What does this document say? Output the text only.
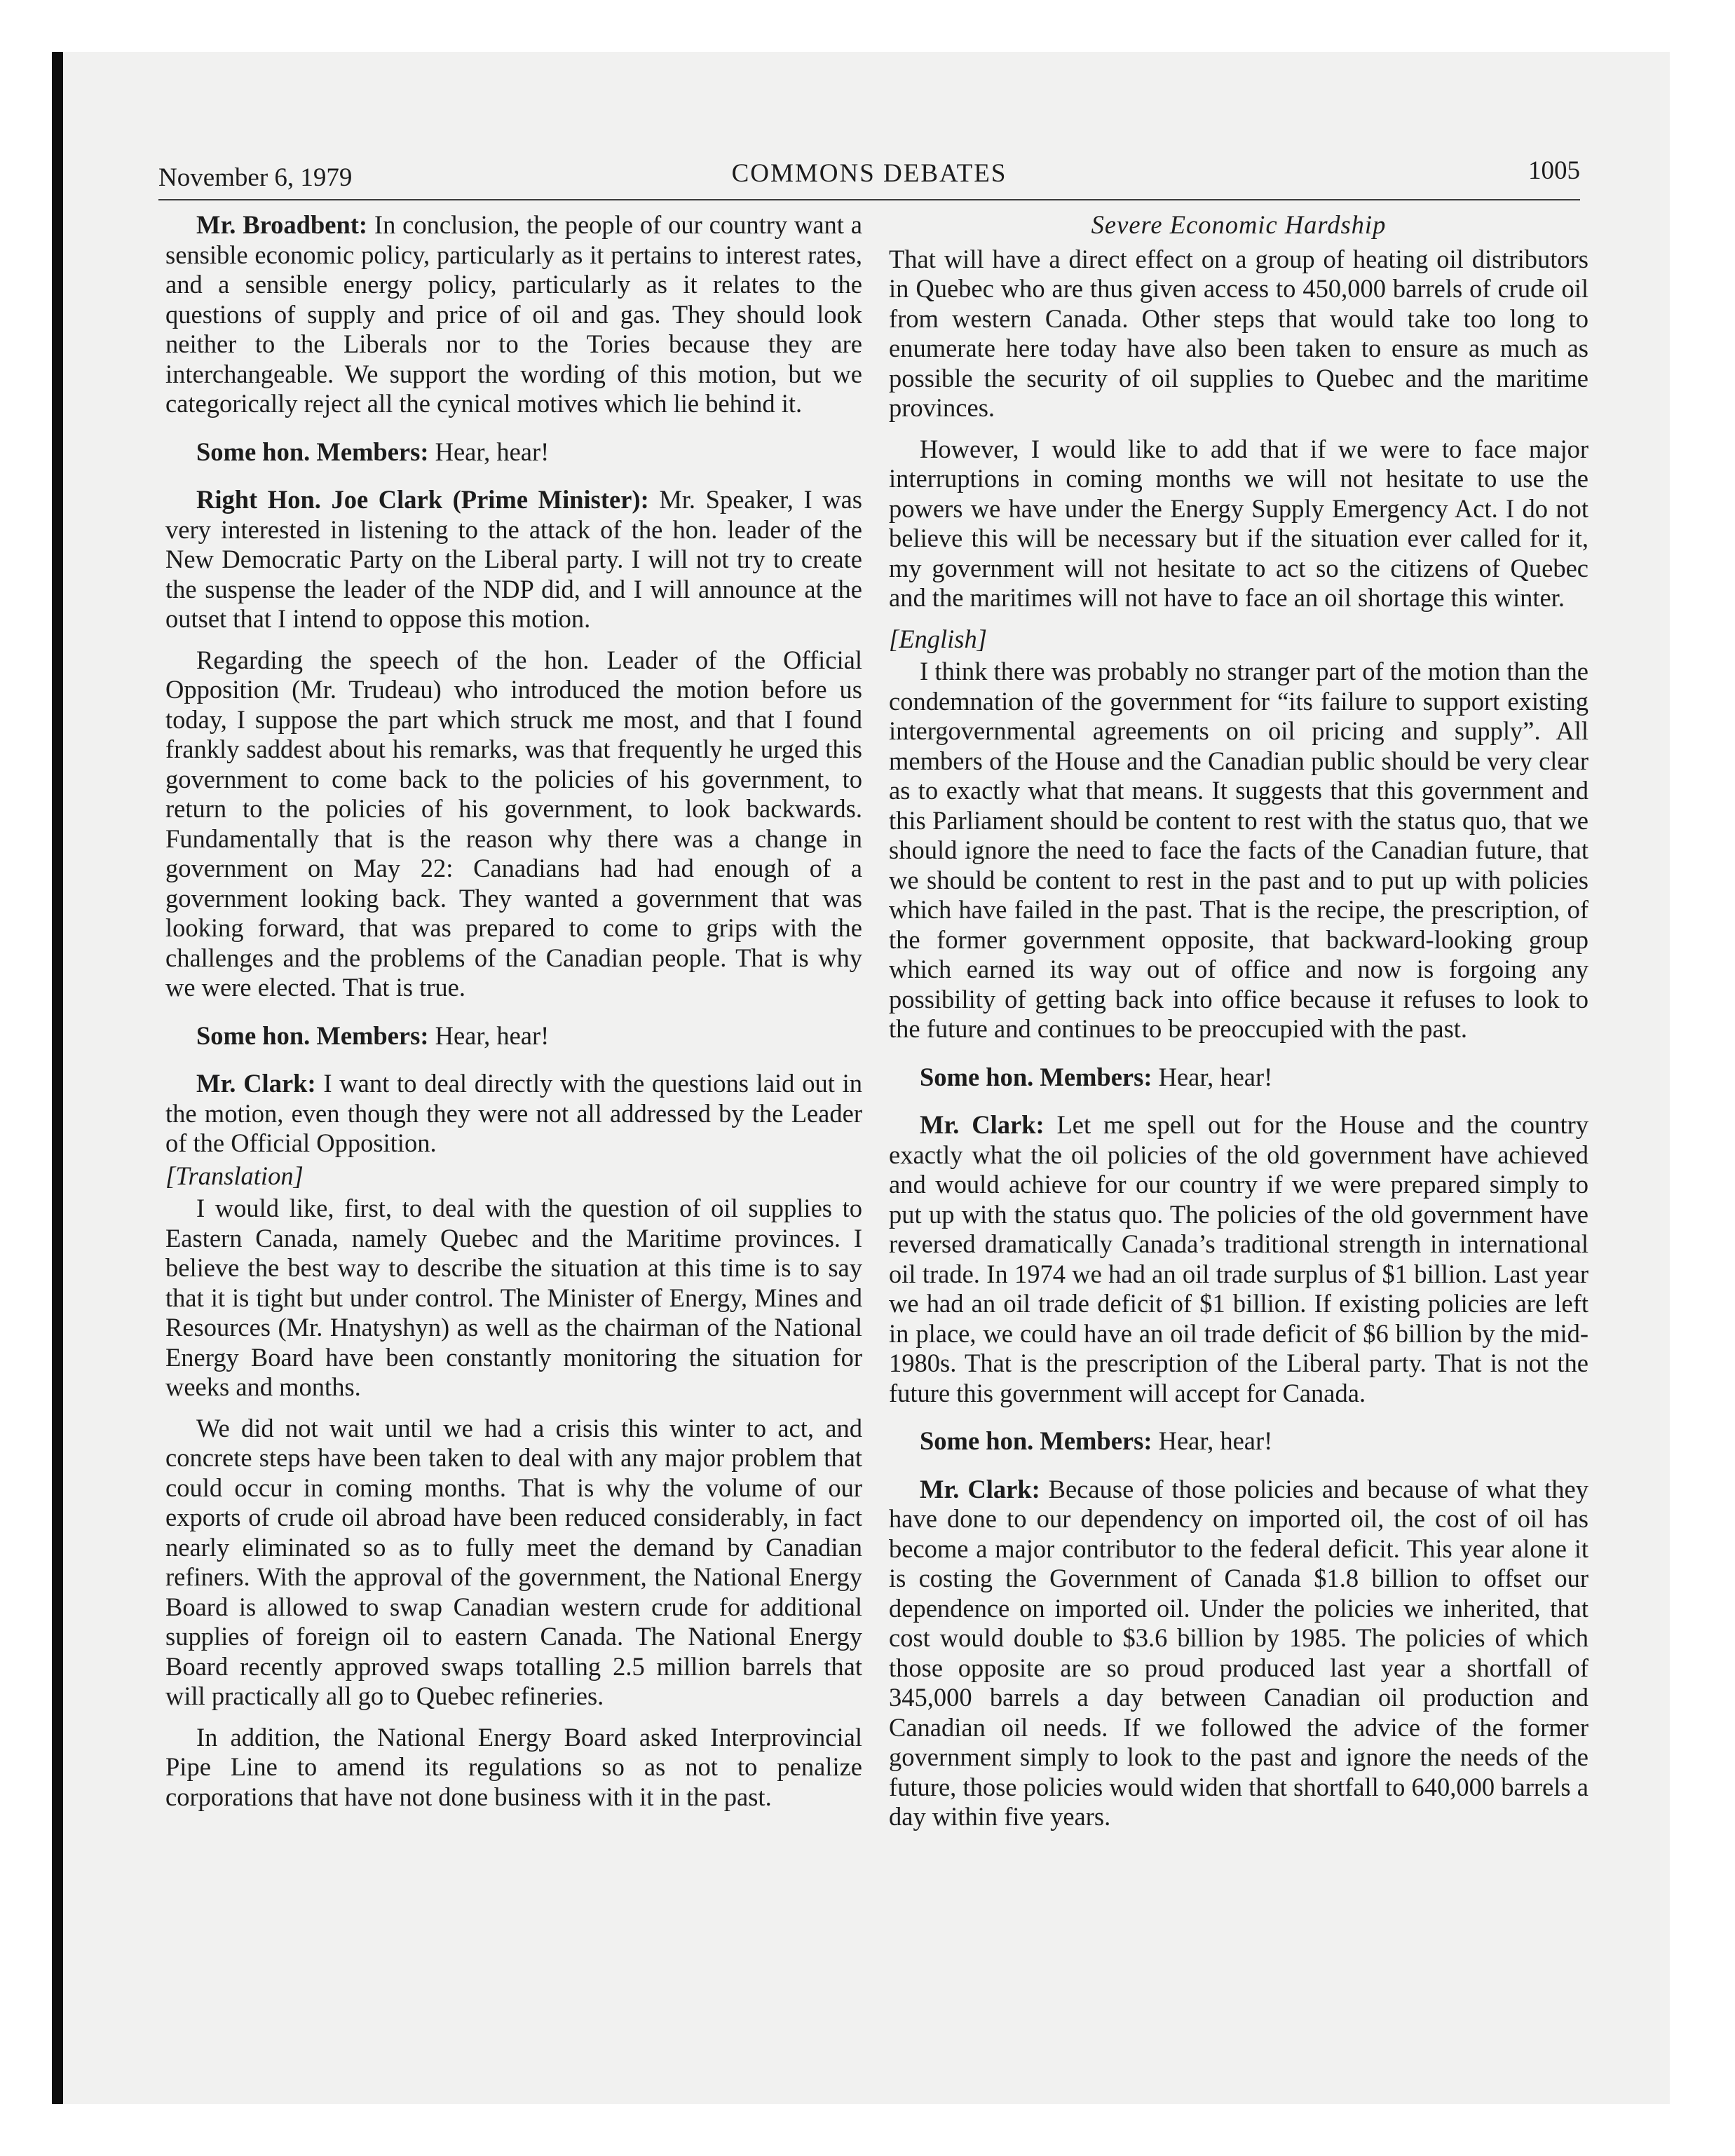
November 6, 1979	COMMONS DEBATES	1005

Mr. Broadbent: In conclusion, the people of our country want a sensible economic policy, particularly as it pertains to interest rates, and a sensible energy policy, particularly as it relates to the questions of supply and price of oil and gas. They should look neither to the Liberals nor to the Tories because they are interchangeable. We support the wording of this motion, but we categorically reject all the cynical motives which lie behind it.

Some hon. Members: Hear, hear!

Right Hon. Joe Clark (Prime Minister): Mr. Speaker, I was very interested in listening to the attack of the hon. leader of the New Democratic Party on the Liberal party. I will not try to create the suspense the leader of the NDP did, and I will announce at the outset that I intend to oppose this motion.

Regarding the speech of the hon. Leader of the Official Opposition (Mr. Trudeau) who introduced the motion before us today, I suppose the part which struck me most, and that I found frankly saddest about his remarks, was that frequently he urged this government to come back to the policies of his government, to return to the policies of his government, to look backwards. Fundamentally that is the reason why there was a change in government on May 22: Canadians had had enough of a government looking back. They wanted a government that was looking forward, that was prepared to come to grips with the challenges and the problems of the Canadian people. That is why we were elected. That is true.

Some hon. Members: Hear, hear!

Mr. Clark: I want to deal directly with the questions laid out in the motion, even though they were not all addressed by the Leader of the Official Opposition.

[Translation]

I would like, first, to deal with the question of oil supplies to Eastern Canada, namely Quebec and the Maritime provinces. I believe the best way to describe the situation at this time is to say that it is tight but under control. The Minister of Energy, Mines and Resources (Mr. Hnatyshyn) as well as the chairman of the National Energy Board have been constantly monitoring the situation for weeks and months.

We did not wait until we had a crisis this winter to act, and concrete steps have been taken to deal with any major problem that could occur in coming months. That is why the volume of our exports of crude oil abroad have been reduced considerably, in fact nearly eliminated so as to fully meet the demand by Canadian refiners. With the approval of the government, the National Energy Board is allowed to swap Canadian western crude for additional supplies of foreign oil to eastern Canada. The National Energy Board recently approved swaps totalling 2.5 million barrels that will practically all go to Quebec refineries.

In addition, the National Energy Board asked Interprovincial Pipe Line to amend its regulations so as not to penalize corporations that have not done business with it in the past.

Severe Economic Hardship

That will have a direct effect on a group of heating oil distributors in Quebec who are thus given access to 450,000 barrels of crude oil from western Canada. Other steps that would take too long to enumerate here today have also been taken to ensure as much as possible the security of oil supplies to Quebec and the maritime provinces.

However, I would like to add that if we were to face major interruptions in coming months we will not hesitate to use the powers we have under the Energy Supply Emergency Act. I do not believe this will be necessary but if the situation ever called for it, my government will not hesitate to act so the citizens of Quebec and the maritimes will not have to face an oil shortage this winter.

[English]

I think there was probably no stranger part of the motion than the condemnation of the government for “its failure to support existing intergovernmental agreements on oil pricing and supply”. All members of the House and the Canadian public should be very clear as to exactly what that means. It suggests that this government and this Parliament should be content to rest with the status quo, that we should ignore the need to face the facts of the Canadian future, that we should be content to rest in the past and to put up with policies which have failed in the past. That is the recipe, the prescription, of the former government opposite, that backward-looking group which earned its way out of office and now is forgoing any possibility of getting back into office because it refuses to look to the future and continues to be preoccupied with the past.

Some hon. Members: Hear, hear!

Mr. Clark: Let me spell out for the House and the country exactly what the oil policies of the old government have achieved and would achieve for our country if we were prepared simply to put up with the status quo. The policies of the old government have reversed dramatically Canada’s traditional strength in international oil trade. In 1974 we had an oil trade surplus of $1 billion. Last year we had an oil trade deficit of $1 billion. If existing policies are left in place, we could have an oil trade deficit of $6 billion by the mid-1980s. That is the prescription of the Liberal party. That is not the future this government will accept for Canada.

Some hon. Members: Hear, hear!

Mr. Clark: Because of those policies and because of what they have done to our dependency on imported oil, the cost of oil has become a major contributor to the federal deficit. This year alone it is costing the Government of Canada $1.8 billion to offset our dependence on imported oil. Under the policies we inherited, that cost would double to $3.6 billion by 1985. The policies of which those opposite are so proud produced last year a shortfall of 345,000 barrels a day between Canadian oil production and Canadian oil needs. If we followed the advice of the former government simply to look to the past and ignore the needs of the future, those policies would widen that shortfall to 640,000 barrels a day within five years.
